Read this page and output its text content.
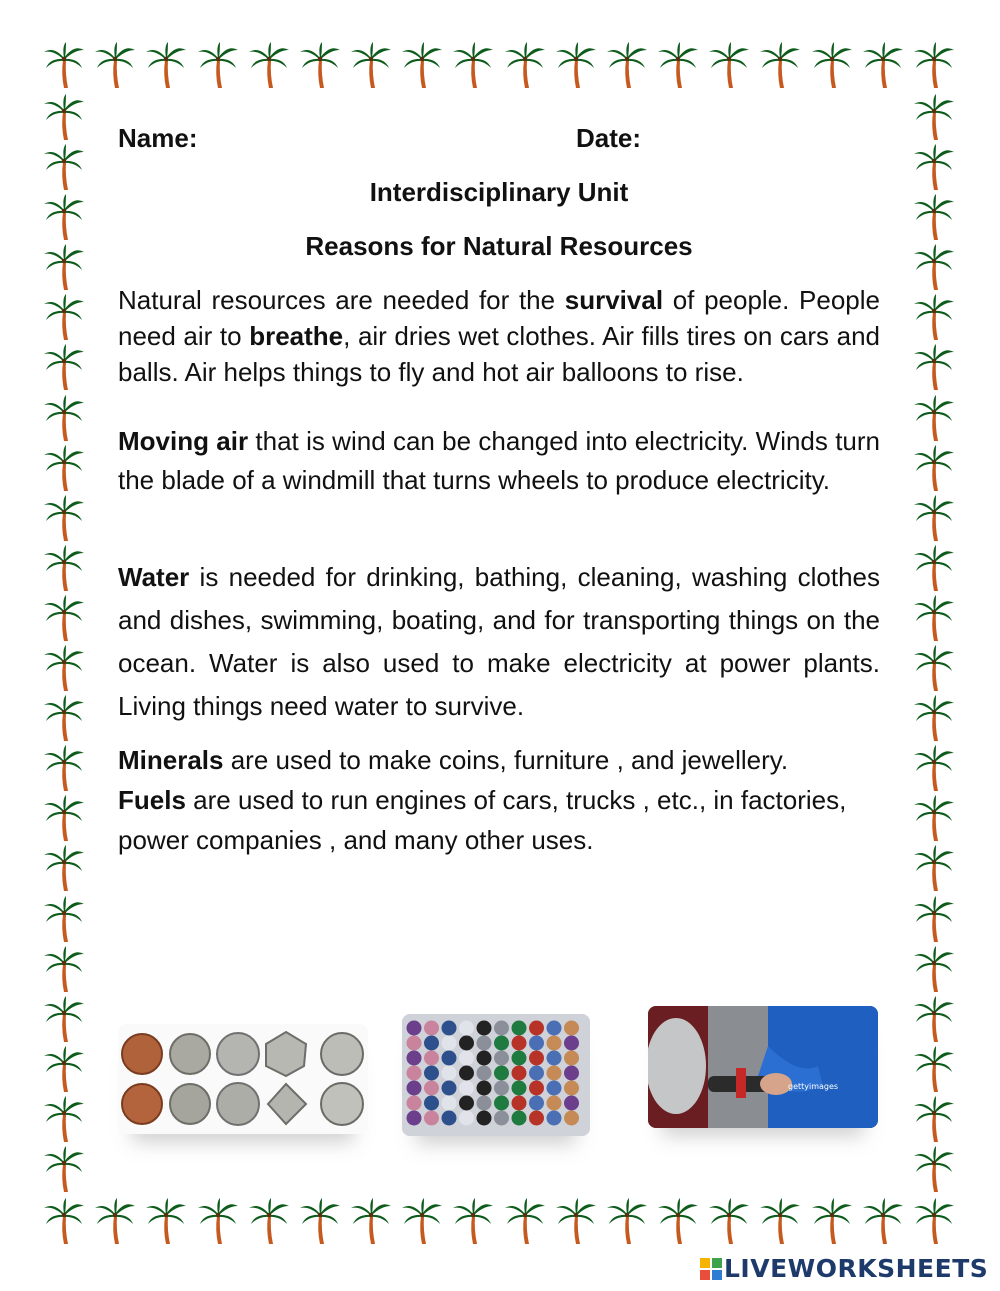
Name:	Date:
Interdisciplinary Unit
Reasons for Natural Resources

Natural resources are needed for the survival of people. People need air to breathe, air dries wet clothes. Air fills tires on cars and balls. Air helps things to fly and hot air balloons to rise.

Moving air that is wind can be changed into electricity. Winds turn the blade of a windmill that turns wheels to produce electricity.

Water is needed for drinking, bathing, cleaning, washing clothes and dishes, swimming, boating, and for transporting things on the ocean. Water is also used to make electricity at power plants. Living things need water to survive.

Minerals are used to make coins, furniture , and jewellery. Fuels are used to run engines of cars, trucks , etc., in factories, power companies , and many other uses.

gettyimages
LIVEWORKSHEETS
